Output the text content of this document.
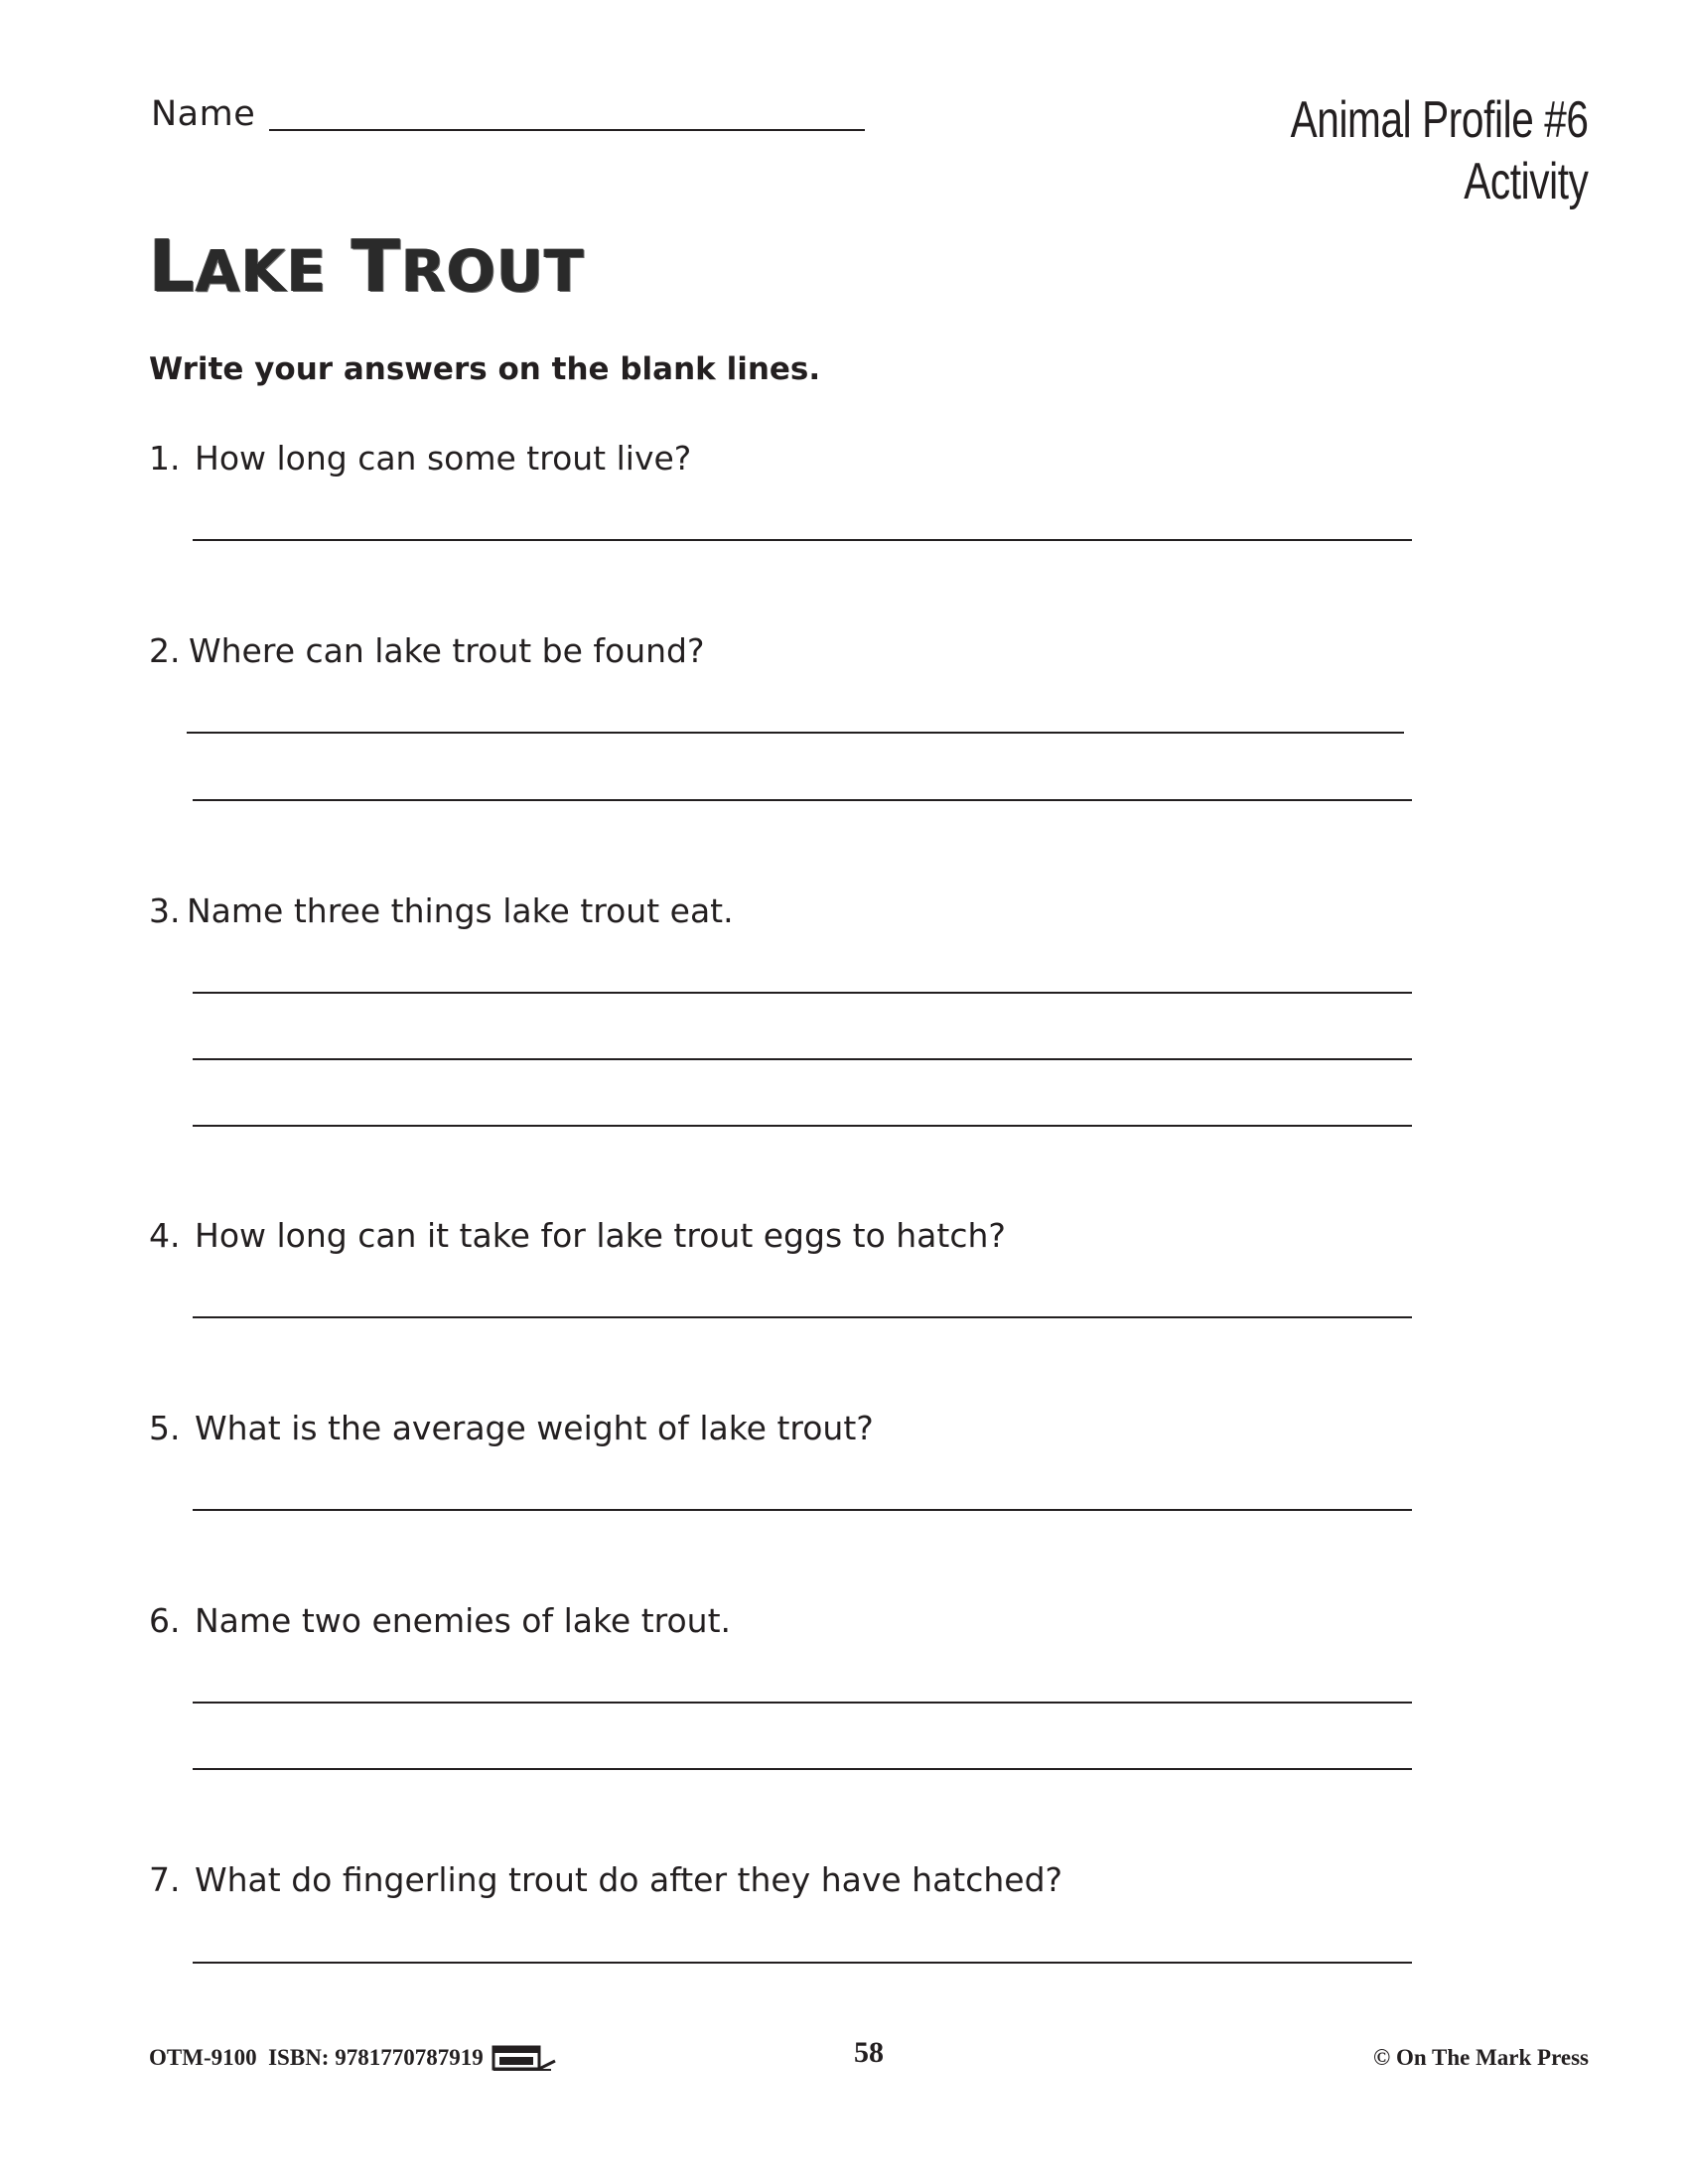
Name	Animal Profile #6
Activity
LAKE TROUT
Write your answers on the blank lines.
1. How long can some trout live?
2. Where can lake trout be found?
3. Name three things lake trout eat.
4. How long can it take for lake trout eggs to hatch?
5. What is the average weight of lake trout?
6. Name two enemies of lake trout.
7. What do fingerling trout do after they have hatched?
OTM-9100
ISBN: 9781770787919	58	© On The Mark Press
